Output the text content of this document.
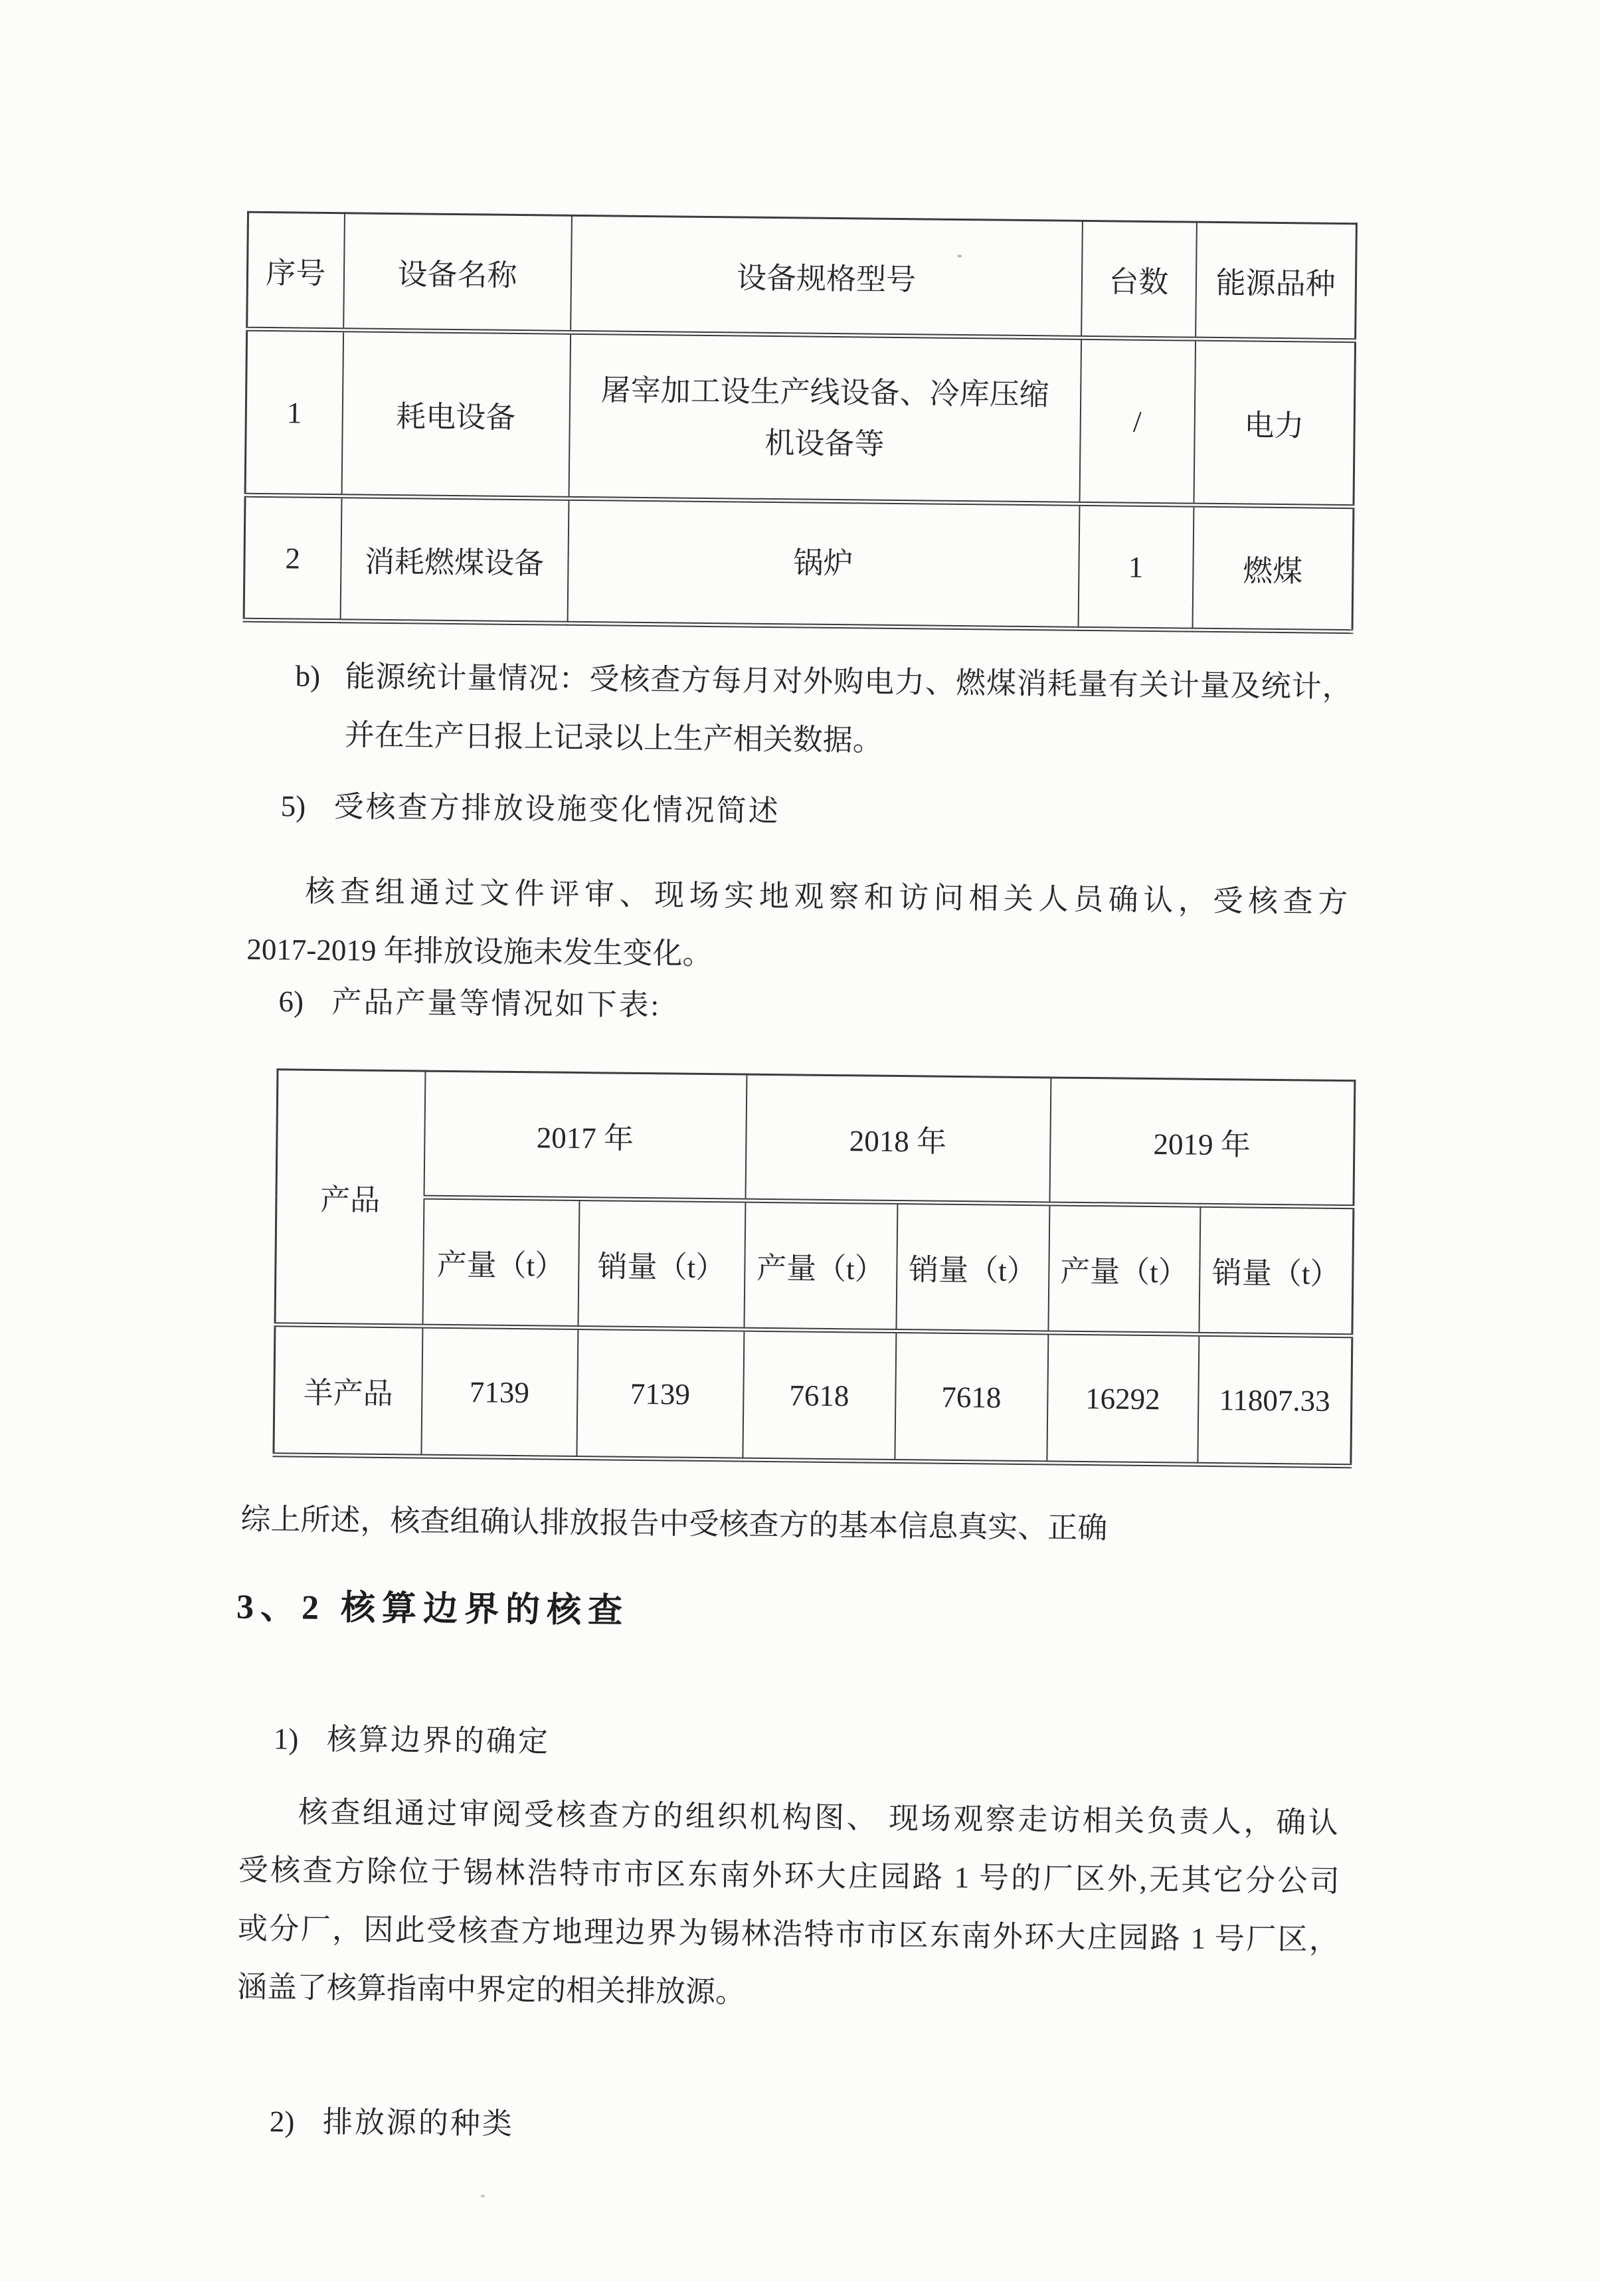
序号	设备名称	设备规格型号	台数	能源品种
1	耗电设备	屠宰加工设生产线设备、冷库压缩机设备等	/	电力
2	消耗燃煤设备	锅炉	1	燃煤
b) 能源统计量情况：受核查方每月对外购电力、燃煤消耗量有关计量及统计，
并在生产日报上记录以上生产相关数据。
5) 受核查方排放设施变化情况简述
核查组通过文件评审、现场实地观察和访问相关人员确认，受核查方
2017-2019 年排放设施未发生变化。
6) 产品产量等情况如下表:
产品	2017 年		2018 年		2019 年	
	产量（t）	销量（t）	产量（t）	销量（t）	产量（t）	销量（t）
羊产品	7139	7139	7618	7618	16292	11807.33
综上所述，核查组确认排放报告中受核查方的基本信息真实、正确
3、2 核算边界的核查
1) 核算边界的确定
核查组通过审阅受核查方的组织机构图、 现场观察走访相关负责人，确认
受核查方除位于锡林浩特市市区东南外环大庄园路 1 号的厂区外,无其它分公司
或分厂，因此受核查方地理边界为锡林浩特市市区东南外环大庄园路 1 号厂区，
涵盖了核算指南中界定的相关排放源。
2) 排放源的种类
